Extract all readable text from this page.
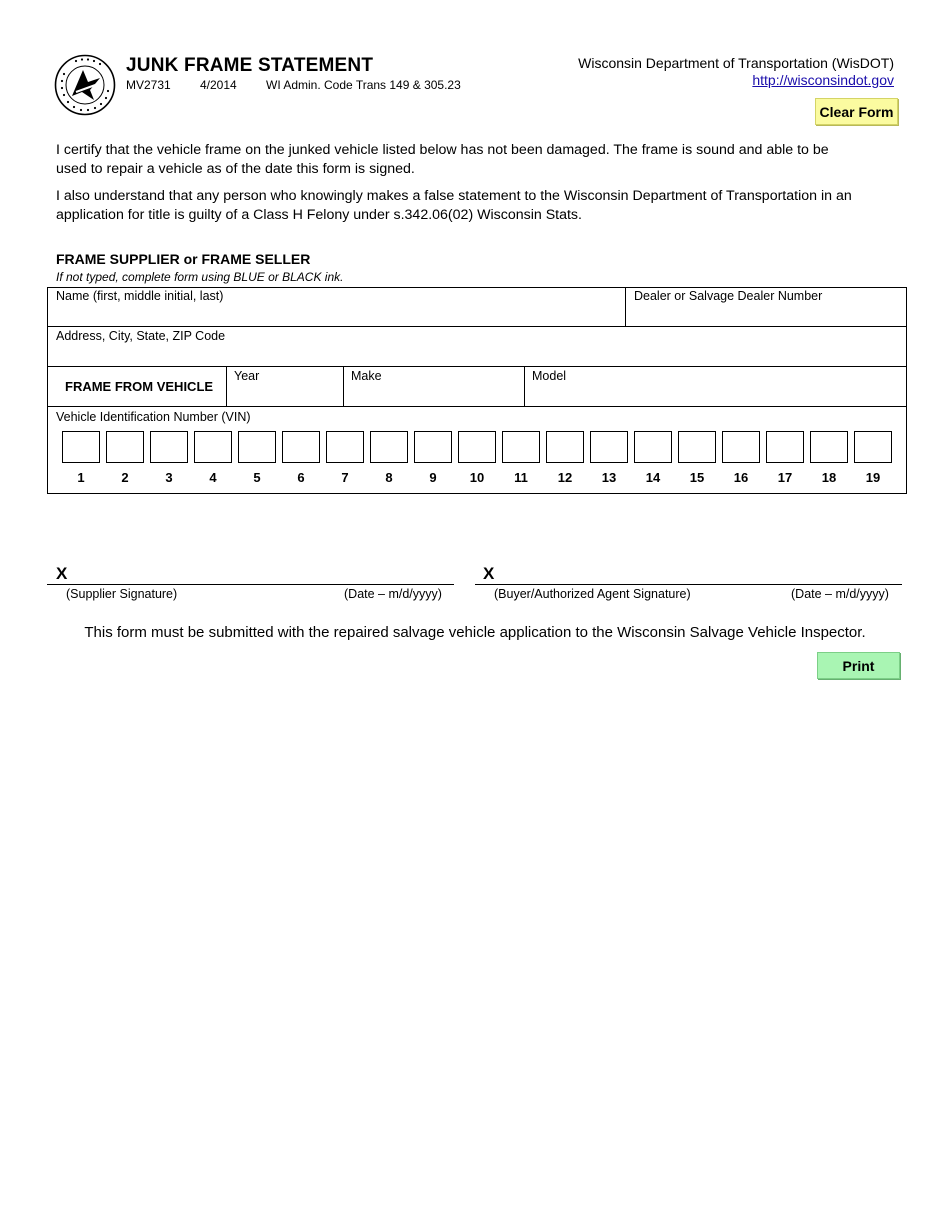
JUNK FRAME STATEMENT
MV2731 4/2014 WI Admin. Code Trans 149 & 305.23
Wisconsin Department of Transportation (WisDOT)
http://wisconsindot.gov
Clear Form
I certify that the vehicle frame on the junked vehicle listed below has not been damaged. The frame is sound and able to be used to repair a vehicle as of the date this form is signed.
I also understand that any person who knowingly makes a false statement to the Wisconsin Department of Transportation in an application for title is guilty of a Class H Felony under s.342.06(02) Wisconsin Stats.
FRAME SUPPLIER or FRAME SELLER
If not typed, complete form using BLUE or BLACK ink.
Name (first, middle initial, last)	Dealer or Salvage Dealer Number
Address, City, State, ZIP Code
FRAME FROM VEHICLE
Year	Make	Model
Vehicle Identification Number (VIN)
1	2	3	4	5	6	7	8	9	10	11	12	13	14	15	16	17	18	19
X
(Supplier Signature)	(Date – m/d/yyyy)
X
(Buyer/Authorized Agent Signature)	(Date – m/d/yyyy)
This form must be submitted with the repaired salvage vehicle application to the Wisconsin Salvage Vehicle Inspector.
Print
